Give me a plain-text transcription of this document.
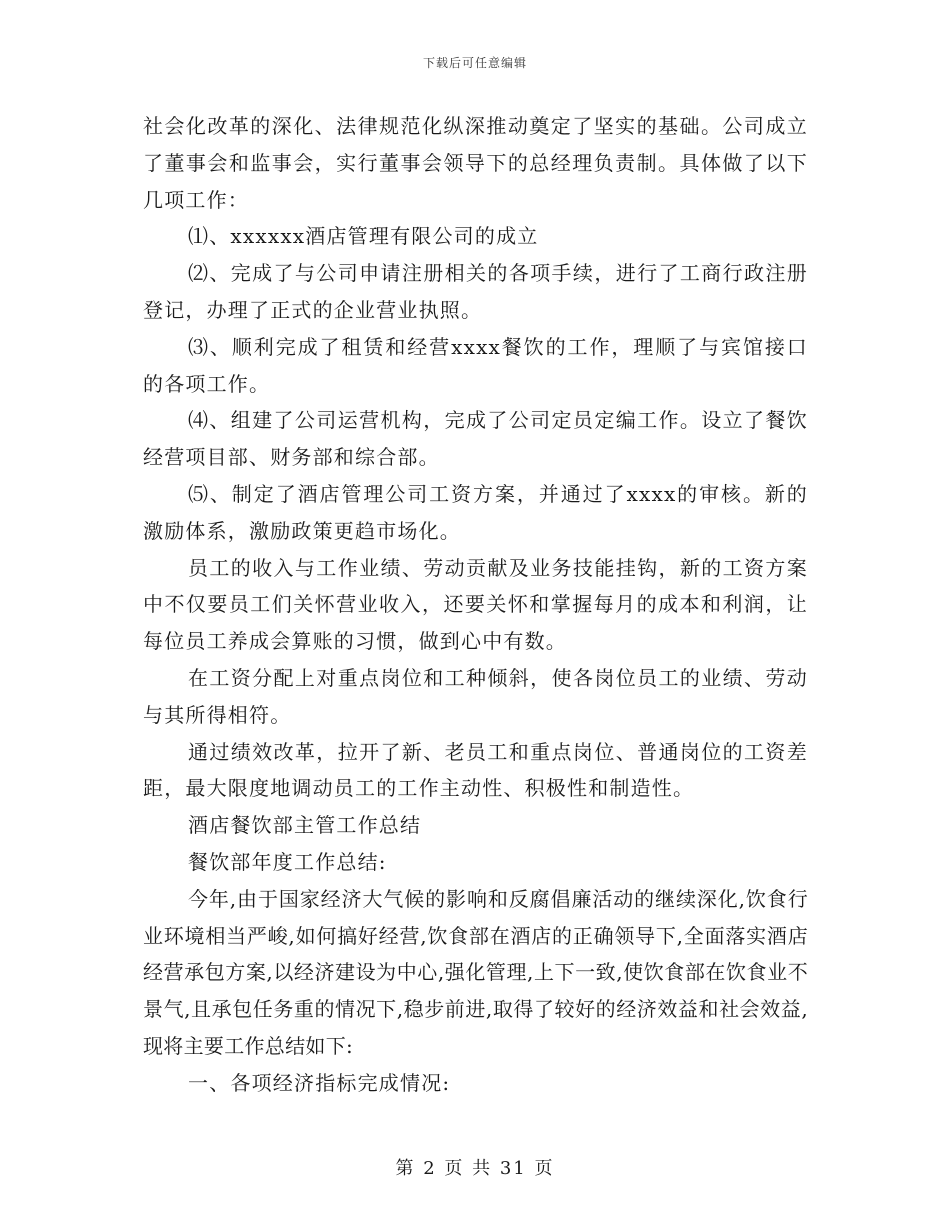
下载后可任意编辑

社会化改革的深化、法律规范化纵深推动奠定了坚实的基础。公司成立了董事会和监事会，实行董事会领导下的总经理负责制。具体做了以下几项工作：

⑴、xxxxxx酒店管理有限公司的成立

⑵、完成了与公司申请注册相关的各项手续，进行了工商行政注册登记，办理了正式的企业营业执照。

⑶、顺利完成了租赁和经营xxxx餐饮的工作，理顺了与宾馆接口的各项工作。

⑷、组建了公司运营机构，完成了公司定员定编工作。设立了餐饮经营项目部、财务部和综合部。

⑸、制定了酒店管理公司工资方案，并通过了xxxx的审核。新的激励体系，激励政策更趋市场化。

员工的收入与工作业绩、劳动贡献及业务技能挂钩，新的工资方案中不仅要员工们关怀营业收入，还要关怀和掌握每月的成本和利润，让每位员工养成会算账的习惯，做到心中有数。

在工资分配上对重点岗位和工种倾斜，使各岗位员工的业绩、劳动与其所得相符。

通过绩效改革，拉开了新、老员工和重点岗位、普通岗位的工资差距，最大限度地调动员工的工作主动性、积极性和制造性。

酒店餐饮部主管工作总结

餐饮部年度工作总结:

今年,由于国家经济大气候的影响和反腐倡廉活动的继续深化,饮食行业环境相当严峻,如何搞好经营,饮食部在酒店的正确领导下,全面落实酒店经营承包方案,以经济建设为中心,强化管理,上下一致,使饮食部在饮食业不景气,且承包任务重的情况下,稳步前进,取得了较好的经济效益和社会效益,现将主要工作总结如下:

一、各项经济指标完成情况:

第 2 页 共 31 页
